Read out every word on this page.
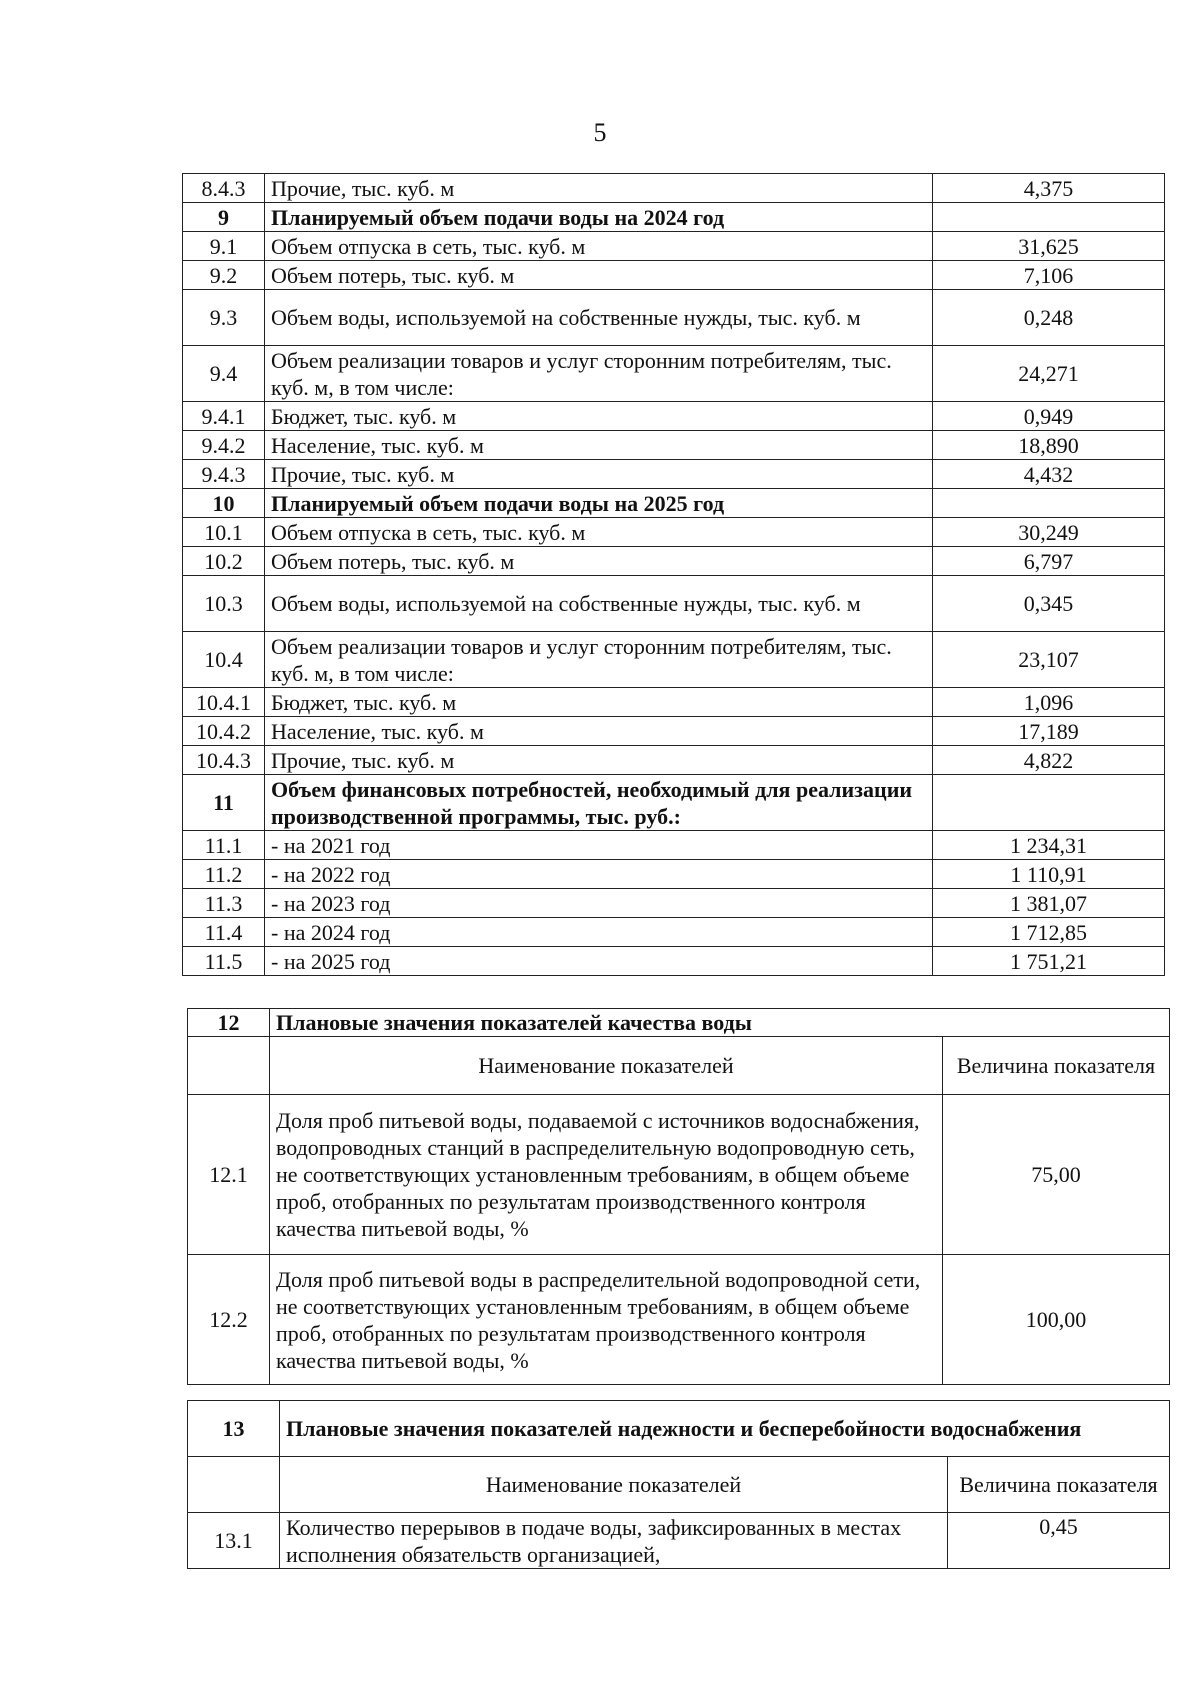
5
8.4.3	Прочие, тыс. куб. м	4,375
9	Планируемый объем подачи воды на 2024 год	
9.1	Объем отпуска в сеть, тыс. куб. м	31,625
9.2	Объем потерь, тыс. куб. м	7,106
9.3	Объем воды, используемой на собственные нужды, тыс. куб. м	0,248
9.4	Объем реализации товаров и услуг сторонним потребителям, тыс. куб. м, в том числе:	24,271
9.4.1	Бюджет, тыс. куб. м	0,949
9.4.2	Население, тыс. куб. м	18,890
9.4.3	Прочие, тыс. куб. м	4,432
10	Планируемый объем подачи воды на 2025 год	
10.1	Объем отпуска в сеть, тыс. куб. м	30,249
10.2	Объем потерь, тыс. куб. м	6,797
10.3	Объем воды, используемой на собственные нужды, тыс. куб. м	0,345
10.4	Объем реализации товаров и услуг сторонним потребителям, тыс. куб. м, в том числе:	23,107
10.4.1	Бюджет, тыс. куб. м	1,096
10.4.2	Население, тыс. куб. м	17,189
10.4.3	Прочие, тыс. куб. м	4,822
11	Объем финансовых потребностей, необходимый для реализации производственной программы, тыс. руб.:	
11.1	- на 2021 год	1 234,31
11.2	- на 2022 год	1 110,91
11.3	- на 2023 год	1 381,07
11.4	- на 2024 год	1 712,85
11.5	- на 2025 год	1 751,21
12	Плановые значения показателей качества воды	
	Наименование показателей	Величина показателя
12.1	Доля проб питьевой воды, подаваемой с источников водоснабжения, водопроводных станций в распределительную водопроводную сеть, не соответствующих установленным требованиям, в общем объеме проб, отобранных по результатам производственного контроля качества питьевой воды, %	75,00
12.2	Доля проб питьевой воды в распределительной водопроводной сети, не соответствующих установленным требованиям, в общем объеме проб, отобранных по результатам производственного контроля качества питьевой воды, %	100,00
13	Плановые значения показателей надежности и бесперебойности водоснабжения	
	Наименование показателей	Величина показателя
13.1	Количество перерывов в подаче воды, зафиксированных в местах исполнения обязательств организацией,	0,45
